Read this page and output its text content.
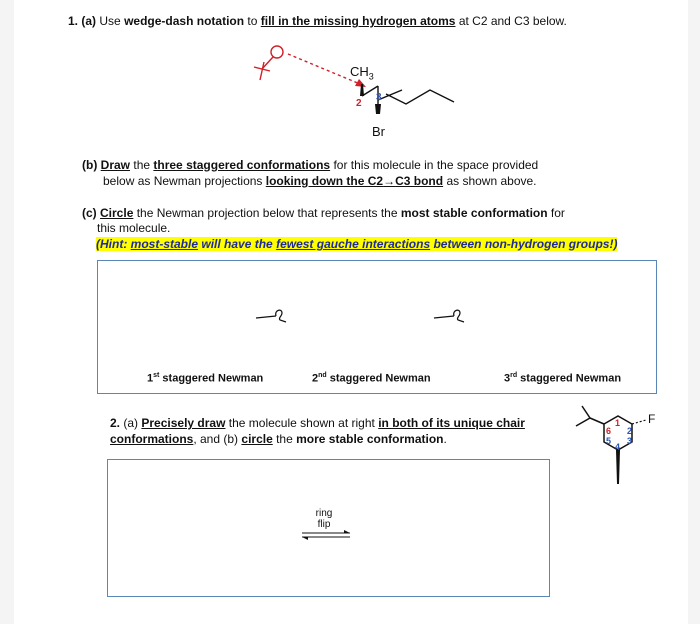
1. (a) Use wedge-dash notation to fill in the missing hydrogen atoms at C2 and C3 below.
$CH_3$
2
3
Br
(b) Draw the three staggered conformations for this molecule in the space provided
below as Newman projections looking down the C2→C3 bond as shown above.
(c) Circle the Newman projection below that represents the most stable conformation for
this molecule.
(Hint: most-stable will have the fewest gauche interactions between non-hydrogen groups!)
1st staggered Newman	2nd staggered Newman	3rd staggered Newman
2. (a) Precisely draw the molecule shown at right in both of its unique chair
conformations, and (b) circle the more stable conformation.
F
1
2
3
4
5
6
ring
flip
